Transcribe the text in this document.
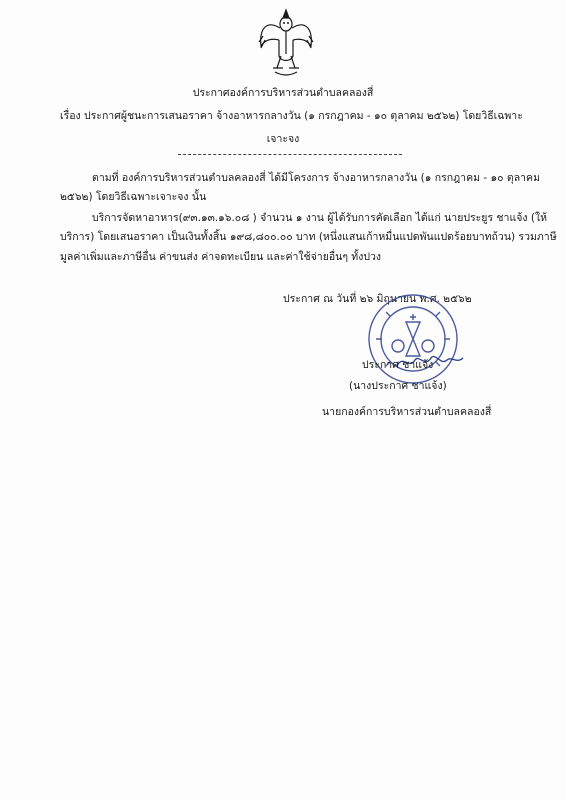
ประกาศองค์การบริหารส่วนตำบลคลองสี่
เรื่อง ประกาศผู้ชนะการเสนอราคา จ้างอาหารกลางวัน (๑ กรกฎาคม - ๑๐ ตุลาคม ๒๕๖๒) โดยวิธีเฉพาะ
เจาะจง
ตามที่ องค์การบริหารส่วนตำบลคลองสี่ ได้มีโครงการ จ้างอาหารกลางวัน (๑ กรกฎาคม - ๑๐ ตุลาคม
๒๕๖๒) โดยวิธีเฉพาะเจาะจง นั้น
บริการจัดหาอาหาร(๙๓.๑๓.๑๖.๐๘ ) จำนวน ๑ งาน ผู้ได้รับการคัดเลือก ได้แก่ นายประยูร ชาแจ้ง (ให้
บริการ) โดยเสนอราคา เป็นเงินทั้งสิ้น ๑๙๘,๘๐๐.๐๐ บาท (หนึ่งแสนเก้าหมื่นแปดพันแปดร้อยบาทถ้วน) รวมภาษี
มูลค่าเพิ่มและภาษีอื่น ค่าขนส่ง ค่าจดทะเบียน และค่าใช้จ่ายอื่นๆ ทั้งปวง
ประกาศ ณ วันที่ ๒๖ มิถุนายน พ.ศ. ๒๕๖๒
ประกาศ ชาแจ้ง
(นางประกาศ ชาแจ้ง)
นายกองค์การบริหารส่วนตำบลคลองสี่
